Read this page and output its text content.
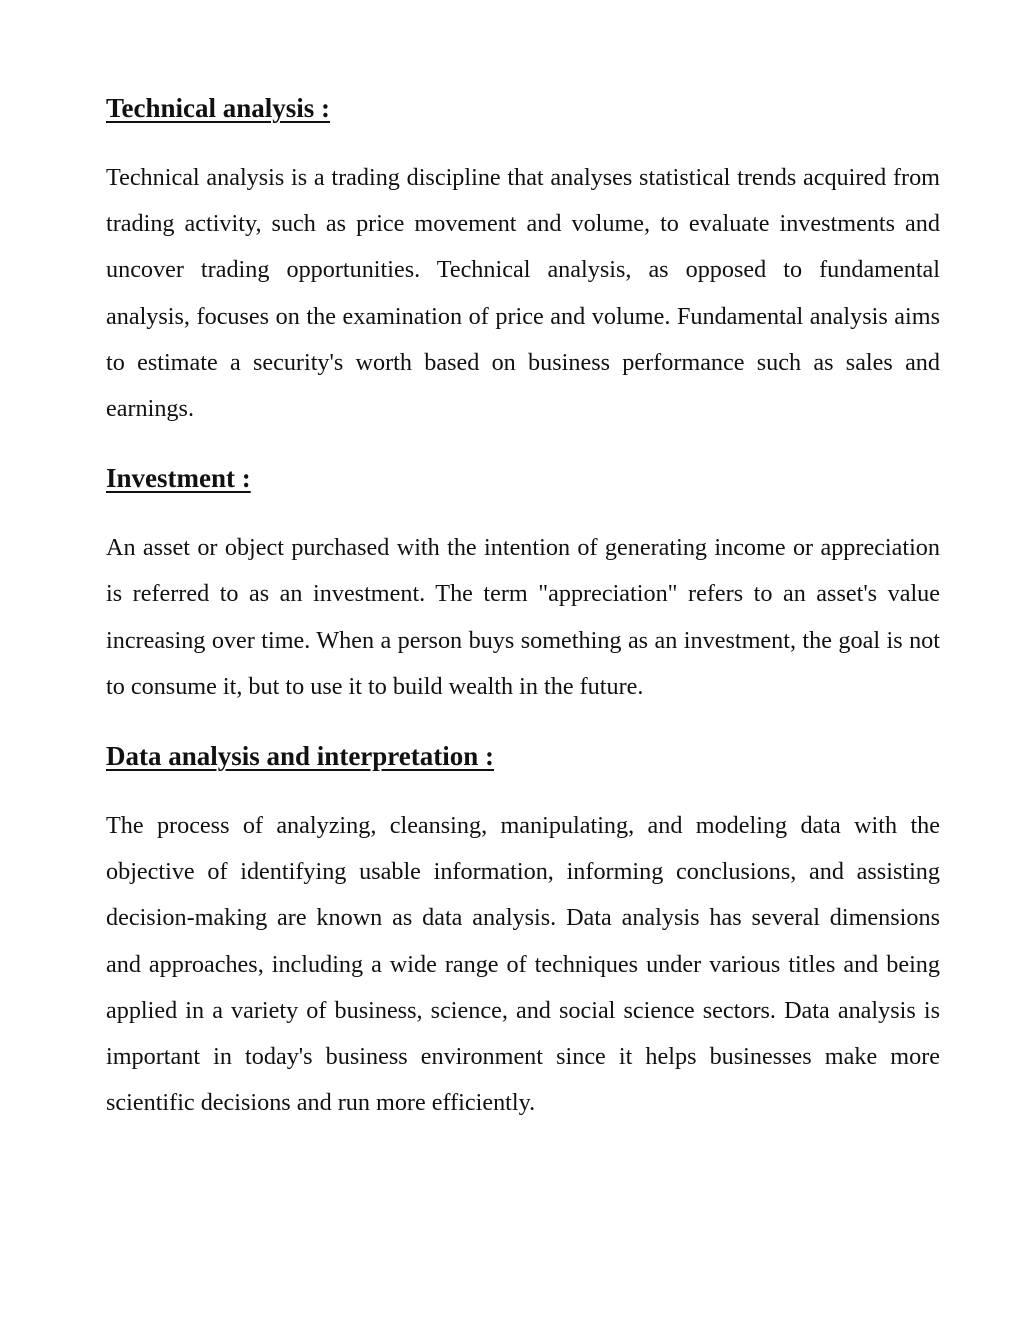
Technical analysis :

Technical analysis is a trading discipline that analyses statistical trends acquired from trading activity, such as price movement and volume, to evaluate investments and uncover trading opportunities. Technical analysis, as opposed to fundamental analysis, focuses on the examination of price and volume. Fundamental analysis aims to estimate a security's worth based on business performance such as sales and earnings.

Investment :

An asset or object purchased with the intention of generating income or appreciation is referred to as an investment. The term "appreciation" refers to an asset's value increasing over time. When a person buys something as an investment, the goal is not to consume it, but to use it to build wealth in the future.

Data analysis and interpretation :

The process of analyzing, cleansing, manipulating, and modeling data with the objective of identifying usable information, informing conclusions, and assisting decision-making are known as data analysis. Data analysis has several dimensions and approaches, including a wide range of techniques under various titles and being applied in a variety of business, science, and social science sectors. Data analysis is important in today's business environment since it helps businesses make more scientific decisions and run more efficiently.
